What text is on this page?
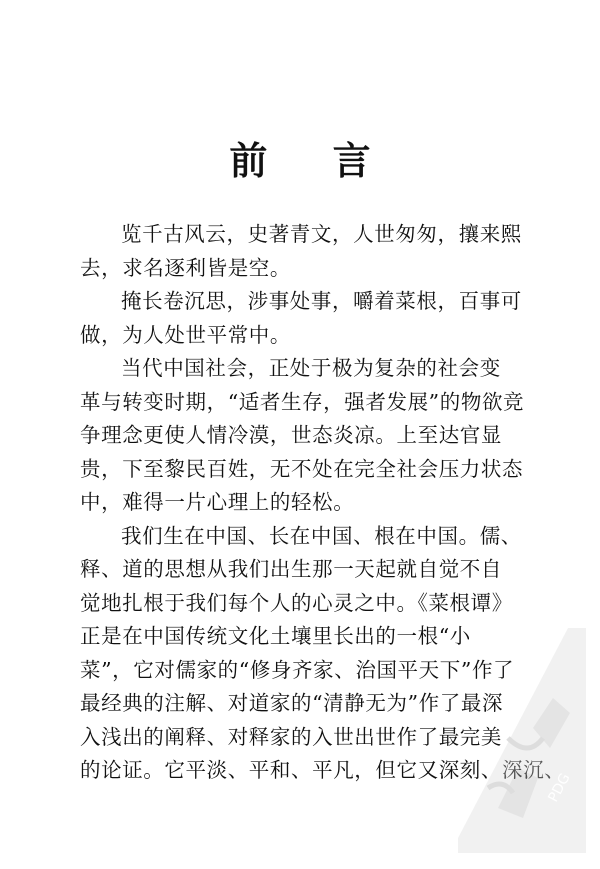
前 言
览千古风云，史著青文，人世匆匆，攘来熙
去，求名逐利皆是空。
掩长卷沉思，涉事处事，嚼着菜根，百事可
做，为人处世平常中。
当代中国社会，正处于极为复杂的社会变
革与转变时期，“适者生存，强者发展”的物欲竞
争理念更使人情冷漠，世态炎凉。上至达官显
贵，下至黎民百姓，无不处在完全社会压力状态
中，难得一片心理上的轻松。
我们生在中国、长在中国、根在中国。儒、
释、道的思想从我们出生那一天起就自觉不自
觉地扎根于我们每个人的心灵之中。《菜根谭》
正是在中国传统文化土壤里长出的一根“小
菜”，它对儒家的“修身齐家、治国平天下”作了
最经典的注解、对道家的“清静无为”作了最深
入浅出的阐释、对释家的入世出世作了最完美
的论证。它平淡、平和、平凡，但它又深刻、深沉、
PDG
